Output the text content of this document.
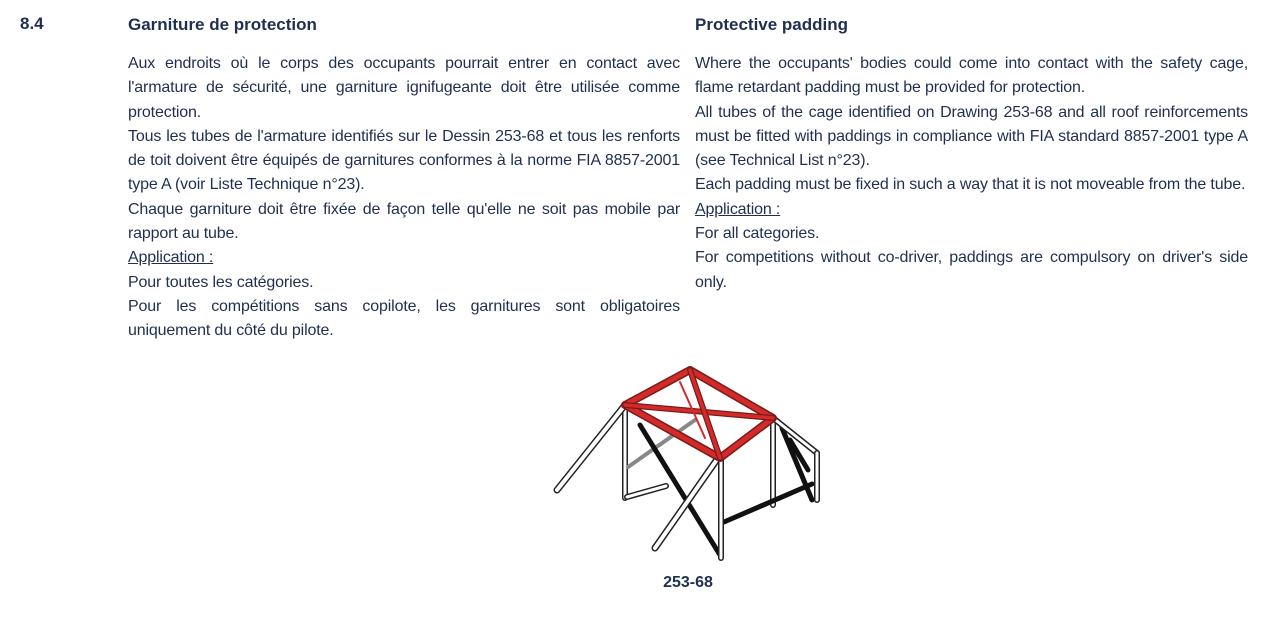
8.4	Garniture de protection

Aux endroits où le corps des occupants pourrait entrer en contact avec l'armature de sécurité, une garniture ignifugeante doit être utilisée comme protection.

Tous les tubes de l'armature identifiés sur le Dessin 253-68 et tous les renforts de toit doivent être équipés de garnitures conformes à la norme FIA 8857-2001 type A (voir Liste Technique n°23).

Chaque garniture doit être fixée de façon telle qu'elle ne soit pas mobile par rapport au tube.

Application :

Pour toutes les catégories.

Pour les compétitions sans copilote, les garnitures sont obligatoires uniquement du côté du pilote.

Protective padding

Where the occupants' bodies could come into contact with the safety cage, flame retardant padding must be provided for protection.

All tubes of the cage identified on Drawing 253-68 and all roof reinforcements must be fitted with paddings in compliance with FIA standard 8857-2001 type A (see Technical List n°23).

Each padding must be fixed in such a way that it is not moveable from the tube.

Application :

For all categories.

For competitions without co-driver, paddings are compulsory on driver's side only.

253-68
